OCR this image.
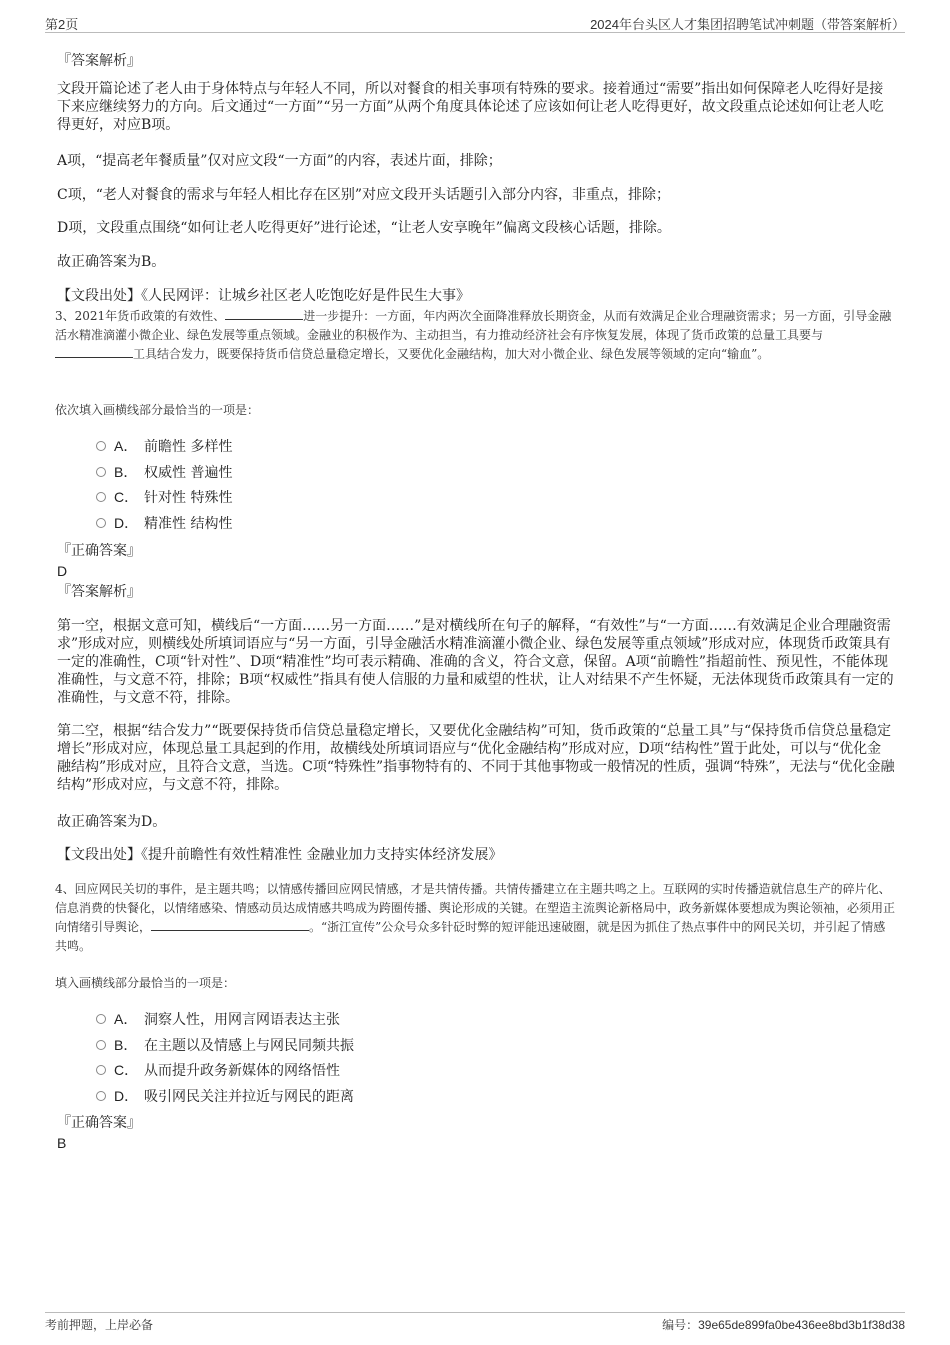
第2页	2024年台头区人才集团招聘笔试冲刺题（带答案解析）
『答案解析』
文段开篇论述了老人由于身体特点与年轻人不同，所以对餐食的相关事项有特殊的要求。接着通过“需要”指出如何保障老人吃得好是接下来应继续努力的方向。后文通过“一方面”“另一方面”从两个角度具体论述了应该如何让老人吃得更好，故文段重点论述如何让老人吃得更好，对应B项。
A项，“提高老年餐质量”仅对应文段“一方面”的内容，表述片面，排除；
C项，“老人对餐食的需求与年轻人相比存在区别”对应文段开头话题引入部分内容，非重点，排除；
D项，文段重点围绕“如何让老人吃得更好”进行论述，“让老人安享晚年”偏离文段核心话题，排除。
故正确答案为B。
【文段出处】《人民网评：让城乡社区老人吃饱吃好是件民生大事》
3、2021年货币政策的有效性、	进一步提升：一方面，年内两次全面降准释放长期资金，从而有效满足企业合理融资需求；另一方面，引导金融活水精准滴灌小微企业、绿色发展等重点领域。金融业的积极作为、主动担当，有力推动经济社会有序恢复发展，体现了货币政策的总量工具要与工具结合发力，既要保持货币信贷总量稳定增长，又要优化金融结构，加大对小微企业、绿色发展等领域的定向“输血”。
依次填入画横线部分最恰当的一项是：
A． 前瞻性 多样性
B． 权威性 普遍性
C． 针对性 特殊性
D． 精准性 结构性
『正确答案』
D
『答案解析』
第一空，根据文意可知，横线后“一方面……另一方面……”是对横线所在句子的解释，“有效性”与“一方面……有效满足企业合理融资需求”形成对应，则横线处所填词语应与“另一方面，引导金融活水精准滴灌小微企业、绿色发展等重点领域”形成对应，体现货币政策具有一定的准确性，C项“针对性”、D项“精准性”均可表示精确、准确的含义，符合文意，保留。A项“前瞻性”指超前性、预见性，不能体现准确性，与文意不符，排除；B项“权威性”指具有使人信服的力量和威望的性状，让人对结果不产生怀疑，无法体现货币政策具有一定的准确性，与文意不符，排除。
第二空，根据“结合发力”“既要保持货币信贷总量稳定增长，又要优化金融结构”可知，货币政策的“总量工具”与“保持货币信贷总量稳定增长”形成对应，体现总量工具起到的作用，故横线处所填词语应与“优化金融结构”形成对应，D项“结构性”置于此处，可以与“优化金融结构”形成对应，且符合文意，当选。C项“特殊性”指事物特有的、不同于其他事物或一般情况的性质，强调“特殊”，无法与“优化金融结构”形成对应，与文意不符，排除。
故正确答案为D。
【文段出处】《提升前瞻性有效性精准性 金融业加力支持实体经济发展》
4、回应网民关切的事件，是主题共鸣；以情感传播回应网民情感，才是共情传播。共情传播建立在主题共鸣之上。互联网的实时传播造就信息生产的碎片化、信息消费的快餐化，以情绪感染、情感动员达成情感共鸣成为跨圈传播、舆论形成的关键。在塑造主流舆论新格局中，政务新媒体要想成为舆论领袖，必须用正向情绪引导舆论，	。“浙江宣传”公众号众多针砭时弊的短评能迅速破圈，就是因为抓住了热点事件中的网民关切，并引起了情感共鸣。
填入画横线部分最恰当的一项是：
A． 洞察人性，用网言网语表达主张
B． 在主题以及情感上与网民同频共振
C． 从而提升政务新媒体的网络悟性
D． 吸引网民关注并拉近与网民的距离
『正确答案』
B
考前押题，上岸必备	编号：39e65de899fa0be436ee8bd3b1f38d38
